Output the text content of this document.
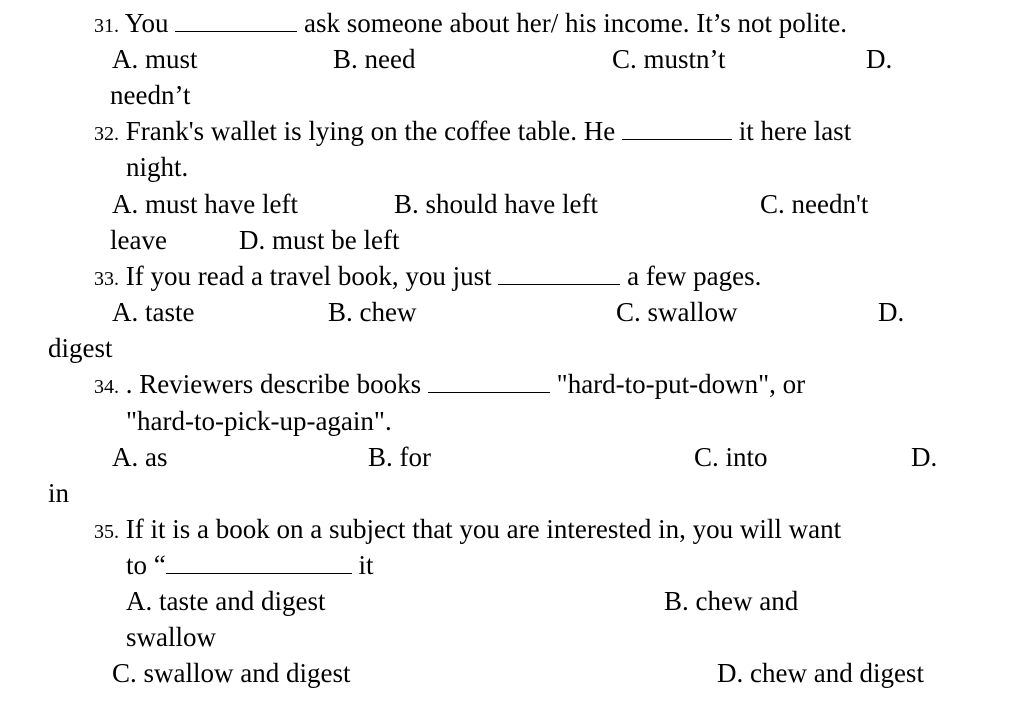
31. You	ask someone about her/ his income. It’s not polite.
A. must	B. need	C. mustn’t	D.
needn’t
32. Frank's wallet is lying on the coffee table. He	it here last
night.
A. must have left	B. should have left	C. needn't
leave	D. must be left
33. If you read a travel book, you just	a few pages.
A. taste	B. chew	C. swallow	D.
digest
34. . Reviewers describe books	"hard-to-put-down", or
"hard-to-pick-up-again".
A. as	B. for	C. into	D.
in
35. If it is a book on a subject that you are interested in, you will want
to “	it
A. taste and digest	B. chew and
swallow
C. swallow and digest	D. chew and digest
